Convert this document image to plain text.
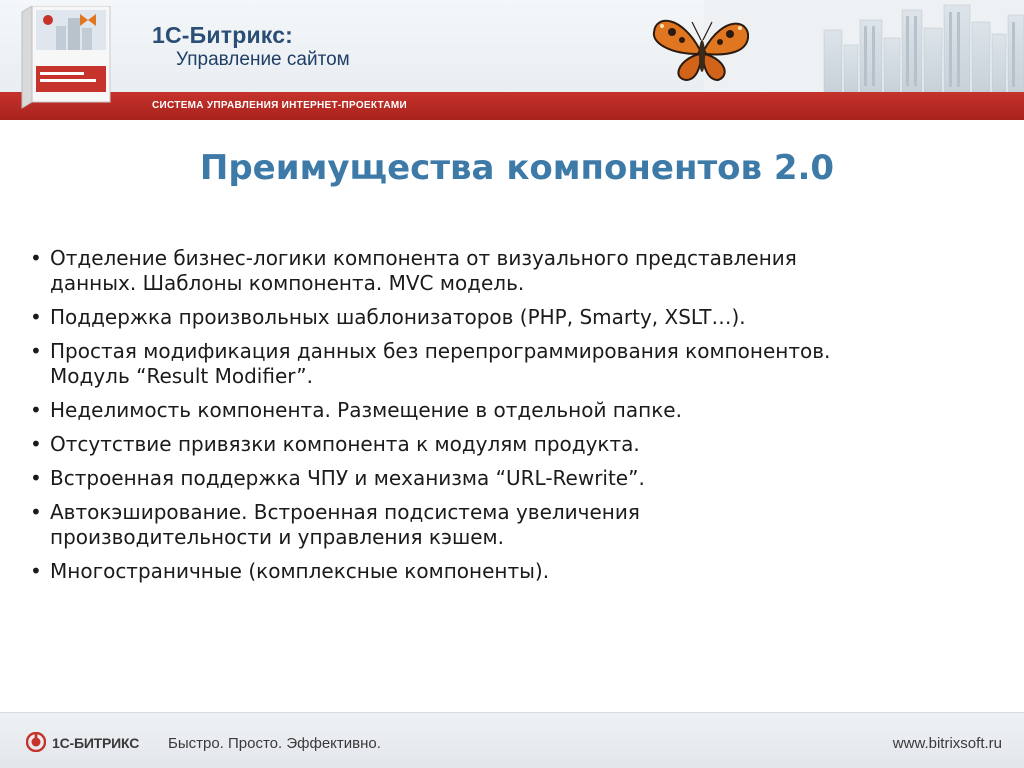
1С-Битрикс:
Управление сайтом
СИСТЕМА УПРАВЛЕНИЯ ИНТЕРНЕТ-ПРОЕКТАМИ
Преимущества компонентов 2.0
• Отделение бизнес-логики компонента от визуального представления
данных. Шаблоны компонента. MVC модель.
• Поддержка произвольных шаблонизаторов (PHP, Smarty, XSLT…).
• Простая модификация данных без перепрограммирования компонентов.
Модуль “Result Modifier”.
• Неделимость компонента. Размещение в отдельной папке.
• Отсутствие привязки компонента к модулям продукта.
• Встроенная поддержка ЧПУ и механизма “URL-Rewrite”.
• Автокэширование. Встроенная подсистема увеличения
производительности и управления кэшем.
• Многостраничные (комплексные компоненты).
1С-БИТРИКС Быстро. Просто. Эффективно.	www.bitrixsoft.ru
